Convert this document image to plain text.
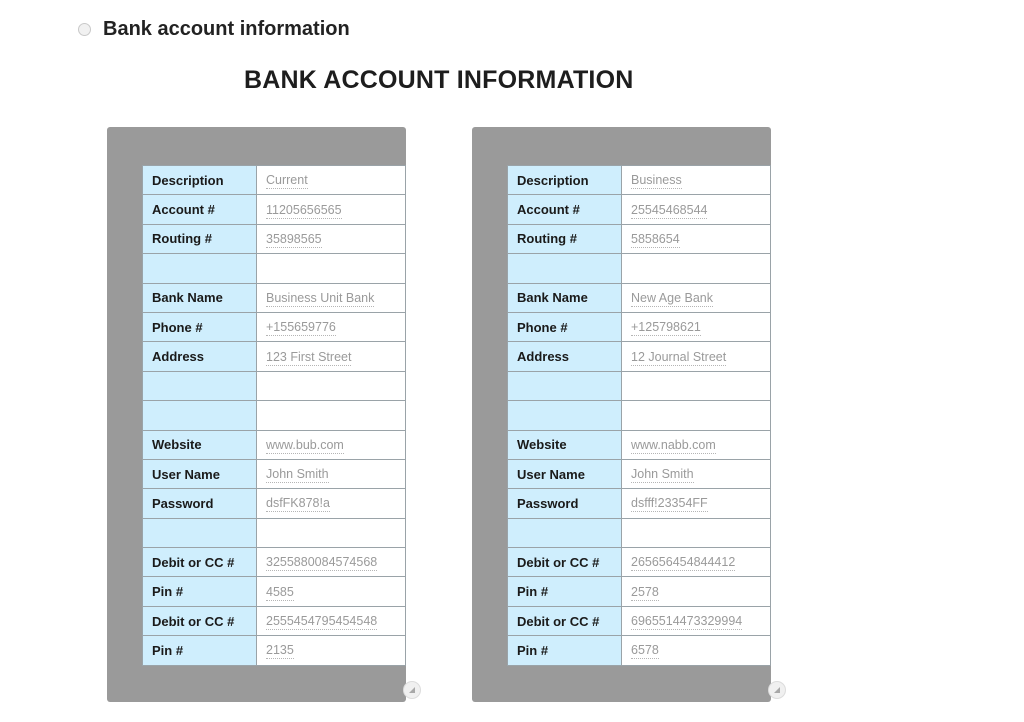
Bank account information
BANK ACCOUNT INFORMATION
Description	Current
Account #	11205656565
Routing #	35898565

Bank Name	Business Unit Bank
Phone #	+155659776
Address	123 First Street

Website	www.bub.com
User Name	John Smith
Password	dsfFK878!a

Debit or CC #	3255880084574568
Pin #	4585
Debit or CC #	2555454795454548
Pin #	2135
Description	Business
Account #	25545468544
Routing #	5858654

Bank Name	New Age Bank
Phone #	+125798621
Address	12 Journal Street

Website	www.nabb.com
User Name	John Smith
Password	dsfff!23354FF

Debit or CC #	265656454844412
Pin #	2578
Debit or CC #	6965514473329994
Pin #	6578
